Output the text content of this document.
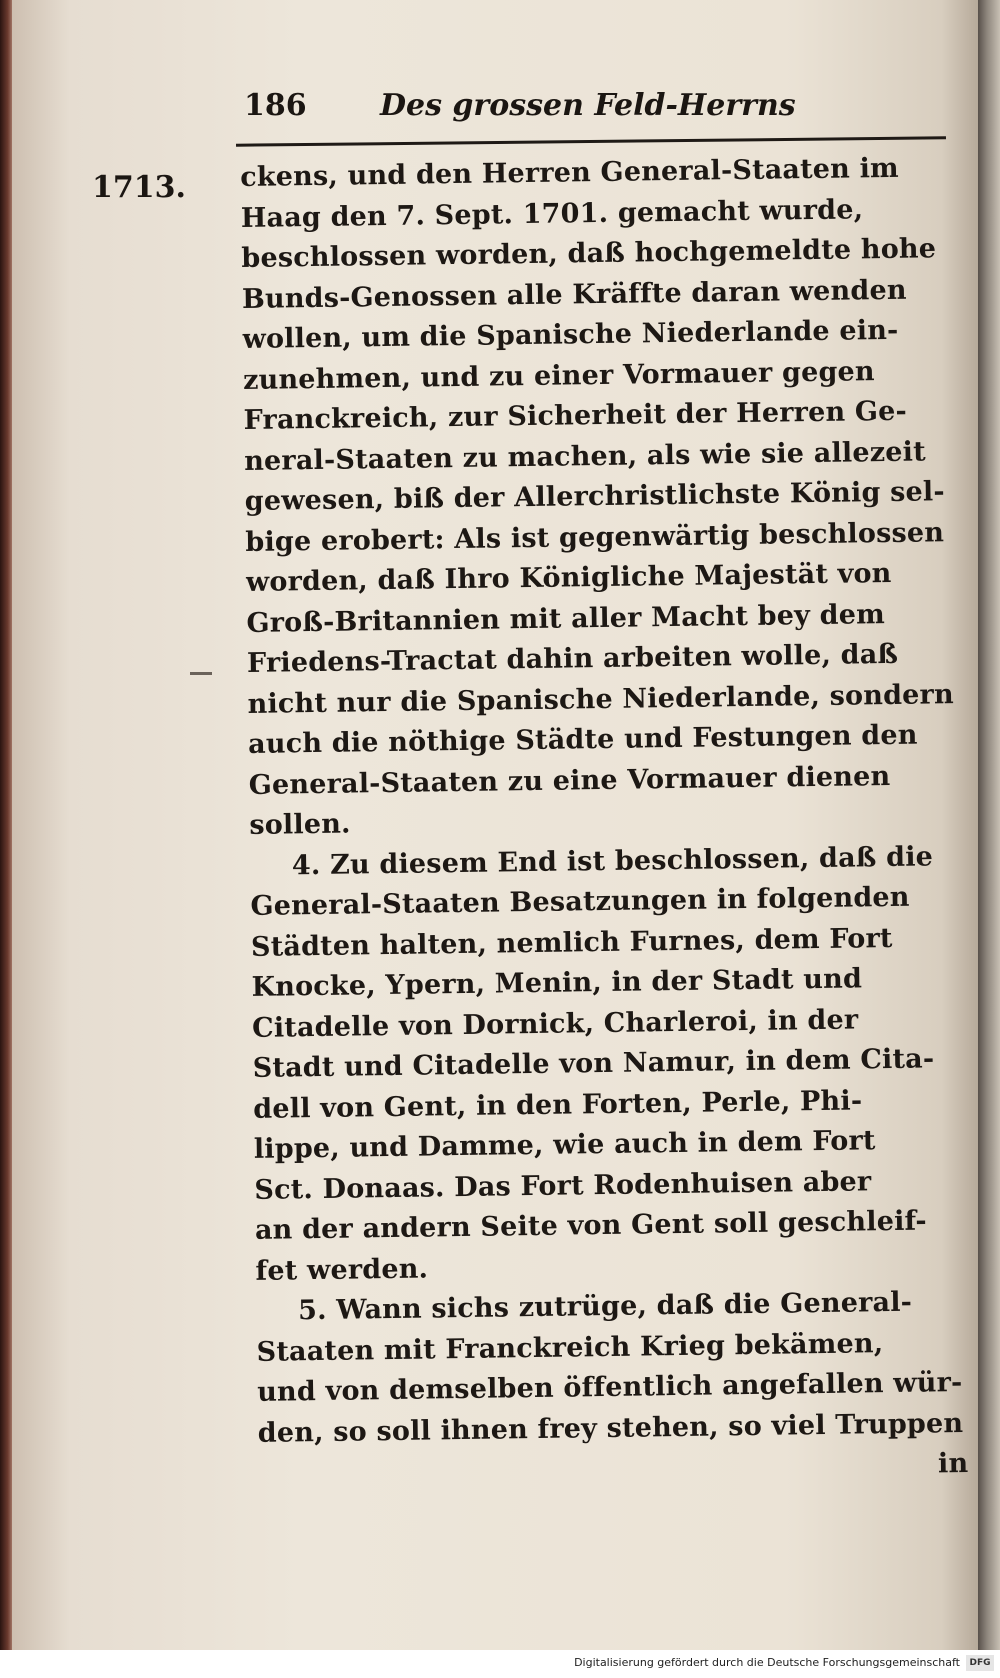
186 Des grossen Feld-Herrns
1713. ckens, und den Herren General-Staaten im
Haag den 7. Sept. 1701. gemacht wurde,
beschlossen worden, daß hochgemeldte hohe
Bunds-Genossen alle Kräffte daran wenden
wollen, um die Spanische Niederlande ein-
zunehmen, und zu einer Vormauer gegen
Franckreich, zur Sicherheit der Herren Ge-
neral-Staaten zu machen, als wie sie allezeit
gewesen, biß der Allerchristlichste König sel-
bige erobert: Als ist gegenwärtig beschlossen
worden, daß Ihro Königliche Majestät von
Groß-Britannien mit aller Macht bey dem
Friedens-Tractat dahin arbeiten wolle, daß
nicht nur die Spanische Niederlande, sondern
auch die nöthige Städte und Festungen den
General-Staaten zu eine Vormauer dienen
sollen.
4. Zu diesem End ist beschlossen, daß die
General-Staaten Besatzungen in folgenden
Städten halten, nemlich Furnes, dem Fort
Knocke, Ypern, Menin, in der Stadt und
Citadelle von Dornick, Charleroi, in der
Stadt und Citadelle von Namur, in dem Cita-
dell von Gent, in den Forten, Perle, Phi-
lippe, und Damme, wie auch in dem Fort
Sct. Donaas. Das Fort Rodenhuisen aber
an der andern Seite von Gent soll geschleif-
fet werden.
5. Wann sichs zutrüge, daß die General-
Staaten mit Franckreich Krieg bekämen,
und von demselben öffentlich angefallen wür-
den, so soll ihnen frey stehen, so viel Truppen
in
Digitalisierung gefördert durch die Deutsche Forschungsgemeinschaft	DFG
